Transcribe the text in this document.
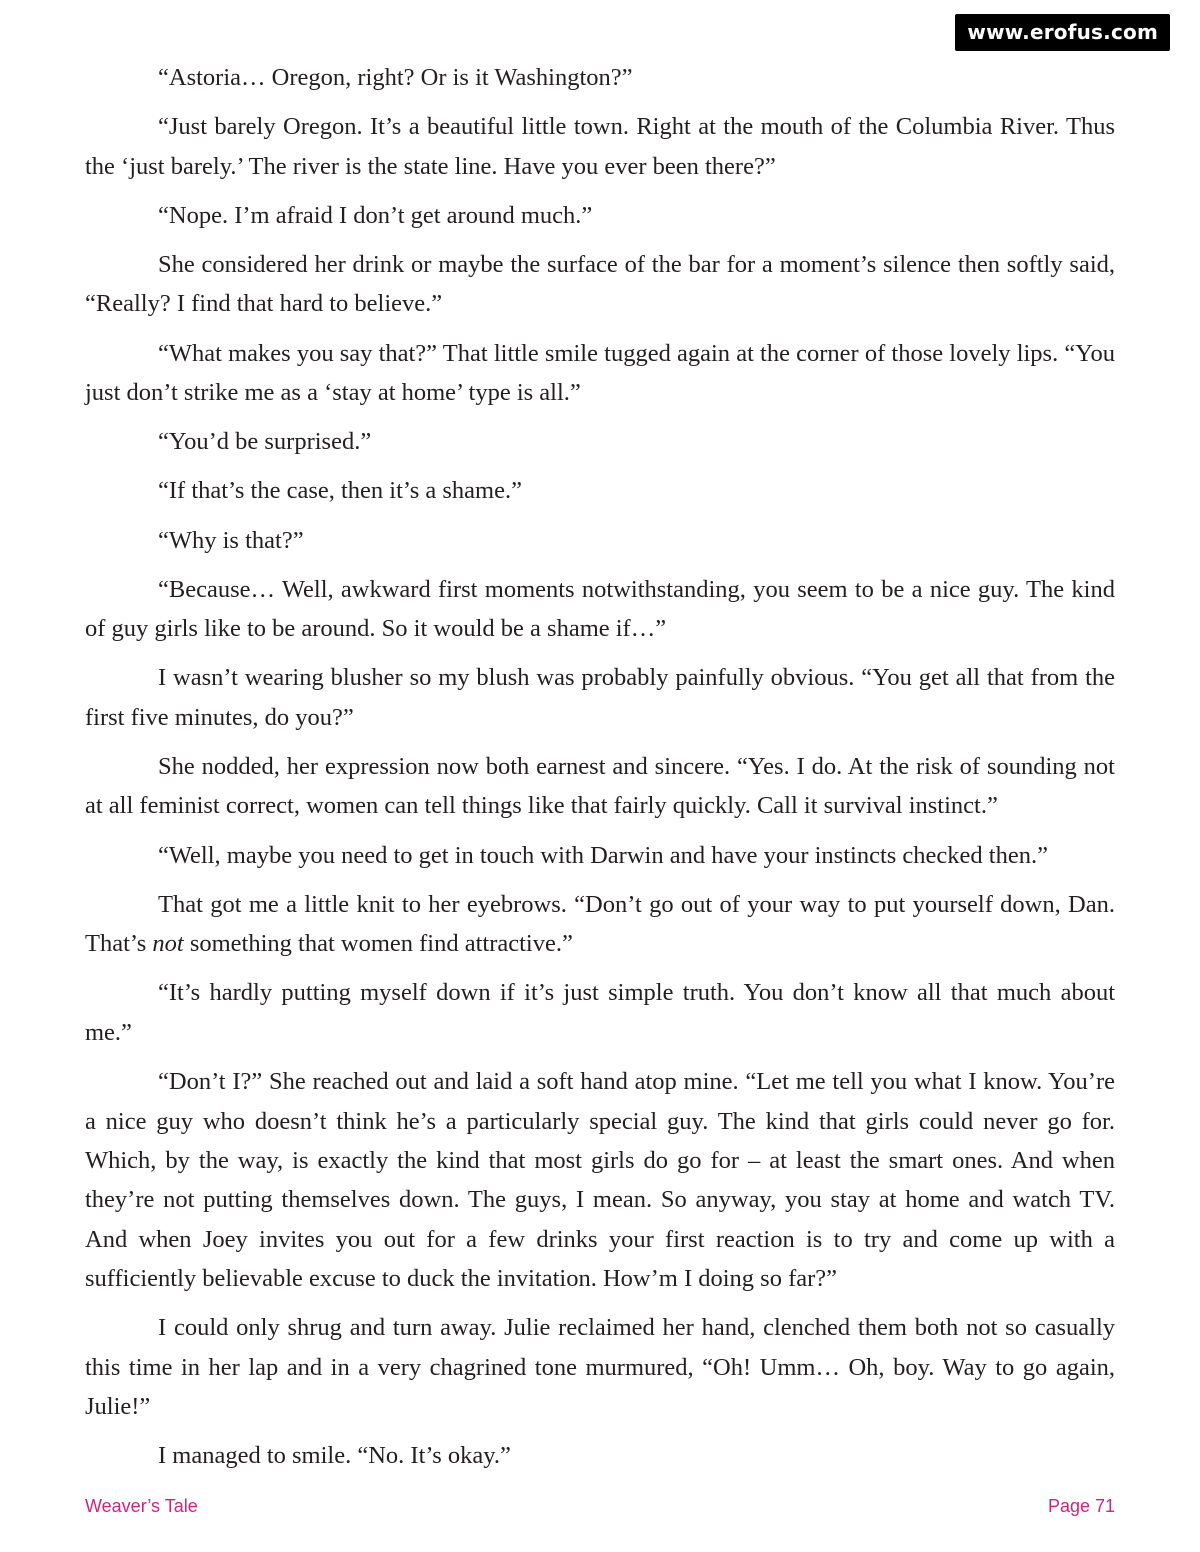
www.erofus.com

“Astoria… Oregon, right? Or is it Washington?”

“Just barely Oregon. It’s a beautiful little town. Right at the mouth of the Columbia River. Thus the ‘just barely.’ The river is the state line. Have you ever been there?”

“Nope. I’m afraid I don’t get around much.”

She considered her drink or maybe the surface of the bar for a moment’s silence then softly said, “Really? I find that hard to believe.”

“What makes you say that?” That little smile tugged again at the corner of those lovely lips. “You just don’t strike me as a ‘stay at home’ type is all.”

“You’d be surprised.”

“If that’s the case, then it’s a shame.”

“Why is that?”

“Because… Well, awkward first moments notwithstanding, you seem to be a nice guy. The kind of guy girls like to be around. So it would be a shame if…”

I wasn’t wearing blusher so my blush was probably painfully obvious. “You get all that from the first five minutes, do you?”

She nodded, her expression now both earnest and sincere. “Yes. I do. At the risk of sounding not at all feminist correct, women can tell things like that fairly quickly. Call it survival instinct.”

“Well, maybe you need to get in touch with Darwin and have your instincts checked then.”

That got me a little knit to her eyebrows. “Don’t go out of your way to put yourself down, Dan. That’s not something that women find attractive.”

“It’s hardly putting myself down if it’s just simple truth. You don’t know all that much about me.”

“Don’t I?” She reached out and laid a soft hand atop mine. “Let me tell you what I know. You’re a nice guy who doesn’t think he’s a particularly special guy. The kind that girls could never go for. Which, by the way, is exactly the kind that most girls do go for – at least the smart ones. And when they’re not putting themselves down. The guys, I mean. So anyway, you stay at home and watch TV. And when Joey invites you out for a few drinks your first reaction is to try and come up with a sufficiently believable excuse to duck the invitation. How’m I doing so far?”

I could only shrug and turn away. Julie reclaimed her hand, clenched them both not so casually this time in her lap and in a very chagrined tone murmured, “Oh! Umm… Oh, boy. Way to go again, Julie!”

I managed to smile. “No. It’s okay.”

Weaver’s Tale	Page 71
